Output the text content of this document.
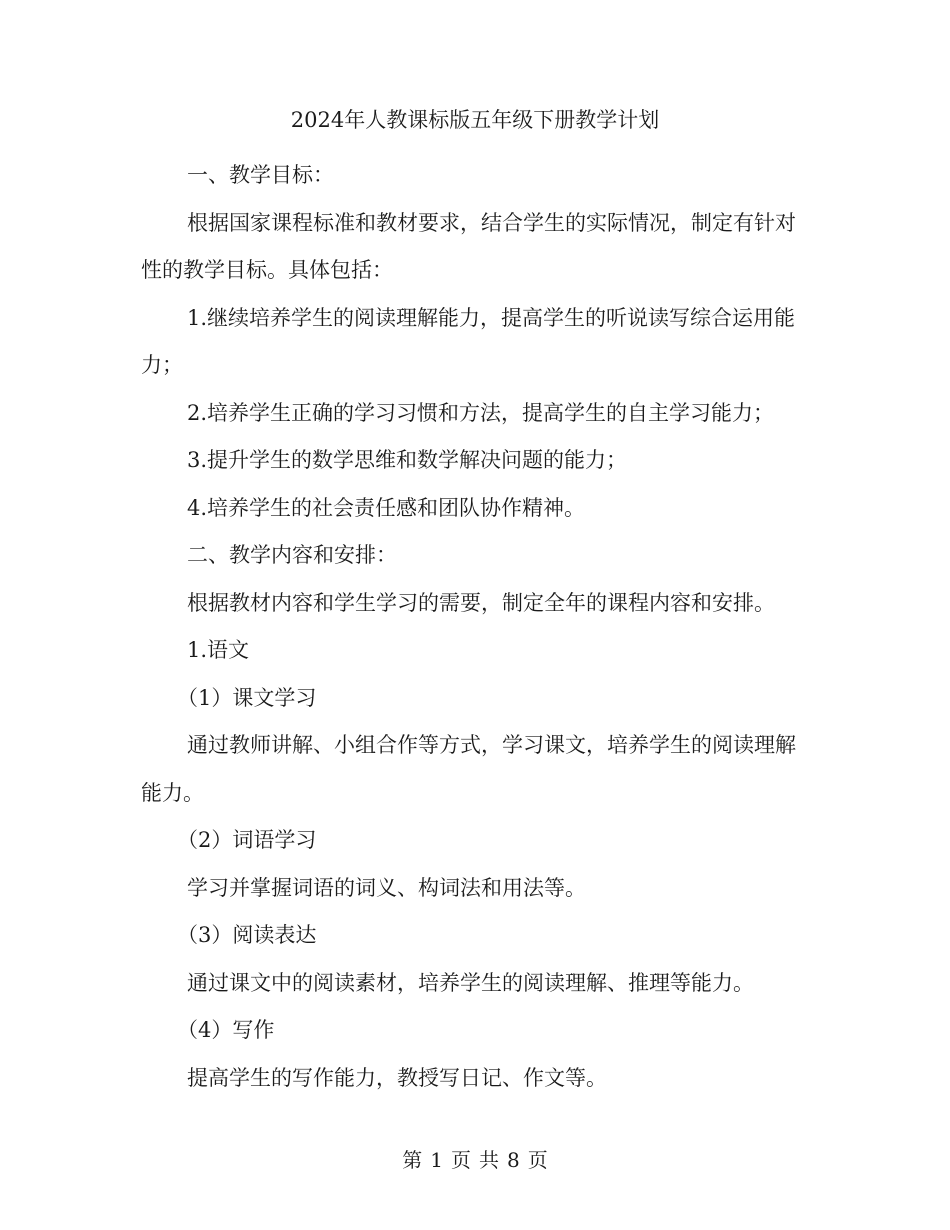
2024年人教课标版五年级下册教学计划

一、教学目标：

根据国家课程标准和教材要求，结合学生的实际情况，制定有针对性的教学目标。具体包括：

1.继续培养学生的阅读理解能力，提高学生的听说读写综合运用能力；

2.培养学生正确的学习习惯和方法，提高学生的自主学习能力；

3.提升学生的数学思维和数学解决问题的能力；

4.培养学生的社会责任感和团队协作精神。

二、教学内容和安排：

根据教材内容和学生学习的需要，制定全年的课程内容和安排。

1.语文

（1）课文学习

通过教师讲解、小组合作等方式，学习课文，培养学生的阅读理解能力。

（2）词语学习

学习并掌握词语的词义、构词法和用法等。

（3）阅读表达

通过课文中的阅读素材，培养学生的阅读理解、推理等能力。

（4）写作

提高学生的写作能力，教授写日记、作文等。

第 1 页 共 8 页
